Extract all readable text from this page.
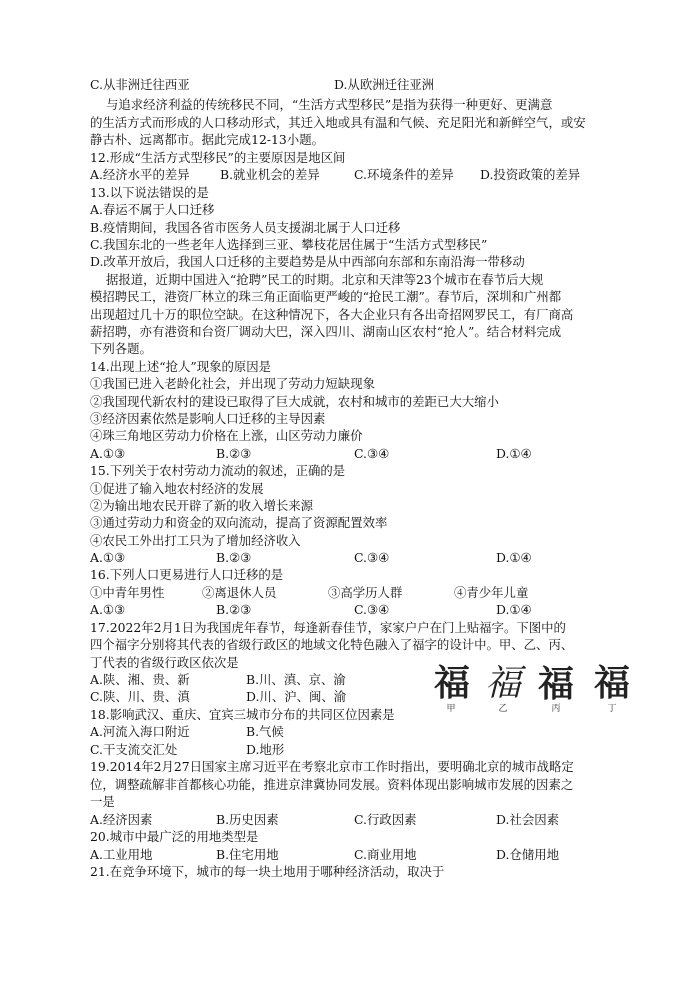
C.从非洲迁往西亚	D.从欧洲迁往亚洲
与追求经济利益的传统移民不同，“生活方式型移民”是指为获得一种更好、更满意
的生活方式而形成的人口移动形式，其迁入地或具有温和气候、充足阳光和新鲜空气，或安
静古朴、远离都市。据此完成12-13小题。
12.形成“生活方式型移民”的主要原因是地区间
A.经济水平的差异 B.就业机会的差异	C.环境条件的差异 D.投资政策的差异
13.以下说法错误的是
A.春运不属于人口迁移
B.疫情期间，我国各省市医务人员支援湖北属于人口迁移
C.我国东北的一些老年人选择到三亚、攀枝花居住属于“生活方式型移民”
D.改革开放后，我国人口迁移的主要趋势是从中西部向东部和东南沿海一带移动
据报道，近期中国进入“抢聘”民工的时期。北京和天津等23个城市在春节后大规
模招聘民工，港资厂林立的珠三角正面临更严峻的“抢民工潮”。春节后，深圳和广州都
出现超过几十万的职位空缺。在这种情况下，各大企业只有各出奇招网罗民工，有厂商高
薪招聘，亦有港资和台资厂调动大巴，深入四川、湖南山区农村“抢人”。结合材料完成
下列各题。
14.出现上述“抢人”现象的原因是
①我国已进入老龄化社会，并出现了劳动力短缺现象
②我国现代新农村的建设已取得了巨大成就，农村和城市的差距已大大缩小
③经济因素依然是影响人口迁移的主导因素
④珠三角地区劳动力价格在上涨，山区劳动力廉价
A.①③	B.②③	C.③④	D.①④
15.下列关于农村劳动力流动的叙述，正确的是
①促进了输入地农村经济的发展
②为输出地农民开辟了新的收入增长来源
③通过劳动力和资金的双向流动，提高了资源配置效率
④农民工外出打工只为了增加经济收入
A.①③	B.②③	C.③④	D.①④
16.下列人口更易进行人口迁移的是
①中青年男性	②离退休人员	③高学历人群	④青少年儿童
A.①③	B.②③	C.③④	D.①④
17.2022年2月1日为我国虎年春节，每逢新春佳节，家家户户在门上贴福字。下图中的
四个福字分别将其代表的省级行政区的地域文化特色融入了福字的设计中。甲、乙、丙、
丁代表的省级行政区依次是
A.陕、湘、贵、新	B.川、滇、京、渝
C.陕、川、贵、滇	D.川、沪、闽、渝 福
甲
福
乙
福
丙
福
丁
18.影响武汉、重庆、宜宾三城市分布的共同区位因素是
A.河流入海口附近	B.气候
C.干支流交汇处	D.地形
19.2014年2月27日国家主席习近平在考察北京市工作时指出，要明确北京的城市战略定
位，调整疏解非首都核心功能，推进京津冀协同发展。资料体现出影响城市发展的因素之
一是
A.经济因素	B.历史因素	C.行政因素	D.社会因素
20.城市中最广泛的用地类型是
A.工业用地	B.住宅用地	C.商业用地	D.仓储用地
21.在竞争环境下，城市的每一块土地用于哪种经济活动，取决于
